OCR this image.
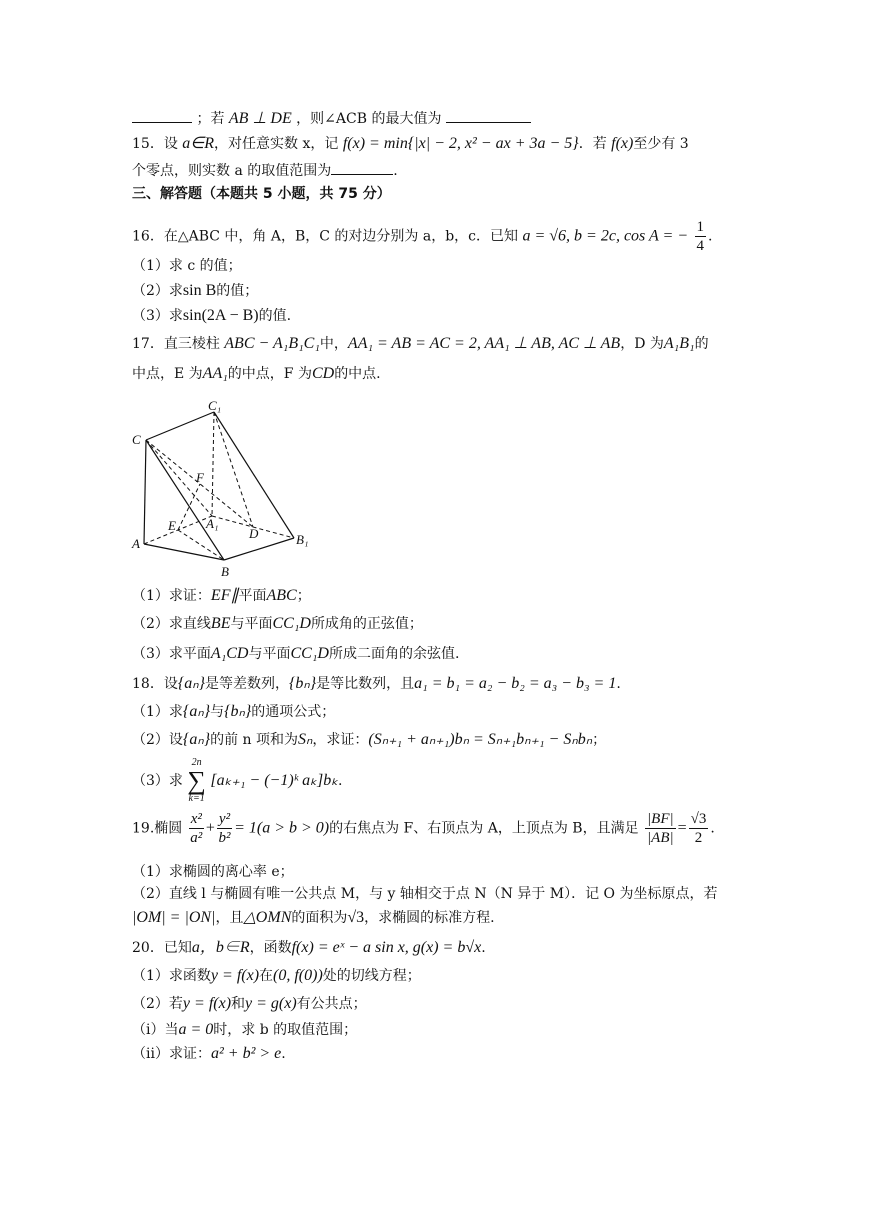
；若 AB ⊥ DE ，则∠ACB 的最大值为
15．设 a∈R，对任意实数 x，记 f(x) = min{|x| − 2, x² − ax + 3a − 5}．若 f(x)至少有 3
个零点，则实数 a 的取值范围为	.
三、解答题（本题共 5 小题，共 75 分）
16．在△ABC 中，角 A，B，C 的对边分别为 a，b，c．已知 a = √6, b = 2c, cos A = − $\frac{1}{4}$ .
（1）求 c 的值；
（2）求sin B的值；
（3）求sin(2A − B)的值.
17．直三棱柱 ABC − A₁B₁C₁中，AA₁ = AB = AC = 2, AA₁ ⊥ AB, AC ⊥ AB，D 为A₁B₁的
中点，E 为AA₁的中点，F 为CD的中点.
C₁
C
F
E A₁
D
A
B
B₁
（1）求证：EF∥平面ABC；
（2）求直线BE与平面CC₁D所成角的正弦值；
（3）求平面A₁CD与平面CC₁D所成二面角的余弦值.
18．设{aₙ}是等差数列，{bₙ}是等比数列，且a₁ = b₁ = a₂ − b₂ = a₃ − b₃ = 1.
（1）求{aₙ}与{bₙ}的通项公式；
（2）设{aₙ}的前 n 项和为Sₙ，求证：(Sₙ₊₁ + aₙ₊₁)bₙ = Sₙ₊₁bₙ₊₁ − Sₙbₙ；
（3）求
2n
∑
k=1
[aₖ₊₁ − (−1)ᵏ aₖ]bₖ.
19.椭圆 $\frac{\text{x²}}{\text{a²}} + \frac{\text{y²}}{\text{b²}} = 1(a > b > 0)$的右焦点为 F、右顶点为 A，上顶点为 B，且满足 $\frac{|BF|}{|AB|} = \frac{√3}{2}$ .
（1）求椭圆的离心率 e；
（2）直线 l 与椭圆有唯一公共点 M，与 y 轴相交于点 N（N 异于 M）．记 O 为坐标原点，若
|OM| = |ON|，且△OMN的面积为√3，求椭圆的标准方程.
20．已知a，b∈R，函数f(x) = eˣ − a sin x, g(x) = b√x.
（1）求函数y = f(x)在(0, f(0))处的切线方程；
（2）若y = f(x)和y = g(x)有公共点；
（i）当a = 0时，求 b 的取值范围；
（ii）求证：a² + b² > e.
